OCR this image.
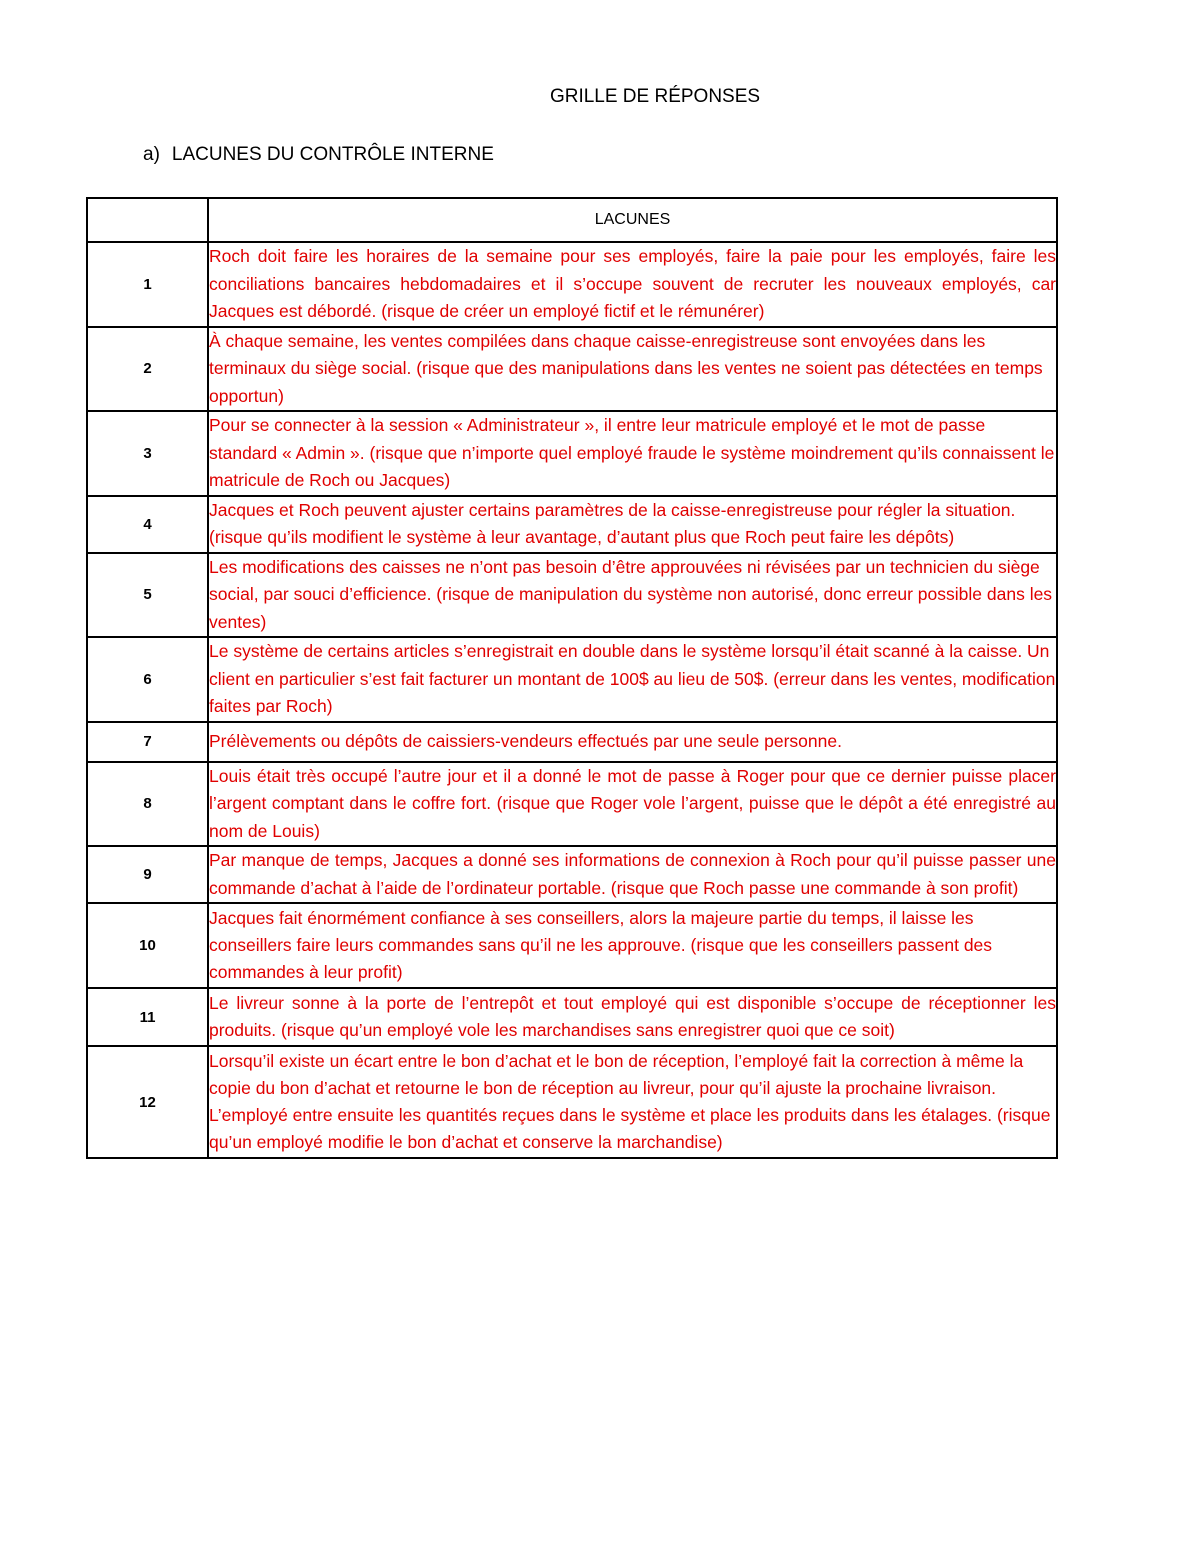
GRILLE DE RÉPONSES
a) LACUNES DU CONTRÔLE INTERNE
	LACUNES
1	Roch doit faire les horaires de la semaine pour ses employés, faire la paie pour les employés, faire les conciliations bancaires hebdomadaires et il s’occupe souvent de recruter les nouveaux employés, car Jacques est débordé. (risque de créer un employé fictif et le rémunérer)
2	À chaque semaine, les ventes compilées dans chaque caisse-enregistreuse sont envoyées dans les terminaux du siège social. (risque que des manipulations dans les ventes ne soient pas détectées en temps opportun)
3	Pour se connecter à la session « Administrateur », il entre leur matricule employé et le mot de passe standard « Admin ». (risque que n’importe quel employé fraude le système moindrement qu’ils connaissent le matricule de Roch ou Jacques)
4	Jacques et Roch peuvent ajuster certains paramètres de la caisse-enregistreuse pour régler la situation. (risque qu’ils modifient le système à leur avantage, d’autant plus que Roch peut faire les dépôts)
5	Les modifications des caisses ne n’ont pas besoin d’être approuvées ni révisées par un technicien du siège social, par souci d’efficience. (risque de manipulation du système non autorisé, donc erreur possible dans les ventes)
6	Le système de certains articles s’enregistrait en double dans le système lorsqu’il était scanné à la caisse. Un client en particulier s’est fait facturer un montant de 100$ au lieu de 50$. (erreur dans les ventes, modification faites par Roch)
7	Prélèvements ou dépôts de caissiers-vendeurs effectués par une seule personne.
8	Louis était très occupé l’autre jour et il a donné le mot de passe à Roger pour que ce dernier puisse placer l’argent comptant dans le coffre fort. (risque que Roger vole l’argent, puisse que le dépôt a été enregistré au nom de Louis)
9	Par manque de temps, Jacques a donné ses informations de connexion à Roch pour qu’il puisse passer une commande d’achat à l’aide de l’ordinateur portable. (risque que Roch passe une commande à son profit)
10	Jacques fait énormément confiance à ses conseillers, alors la majeure partie du temps, il laisse les conseillers faire leurs commandes sans qu’il ne les approuve. (risque que les conseillers passent des commandes à leur profit)
11	Le livreur sonne à la porte de l’entrepôt et tout employé qui est disponible s’occupe de réceptionner les produits. (risque qu’un employé vole les marchandises sans enregistrer quoi que ce soit)
12	Lorsqu’il existe un écart entre le bon d’achat et le bon de réception, l’employé fait la correction à même la copie du bon d’achat et retourne le bon de réception au livreur, pour qu’il ajuste la prochaine livraison. L’employé entre ensuite les quantités reçues dans le système et place les produits dans les étalages. (risque qu’un employé modifie le bon d’achat et conserve la marchandise)
